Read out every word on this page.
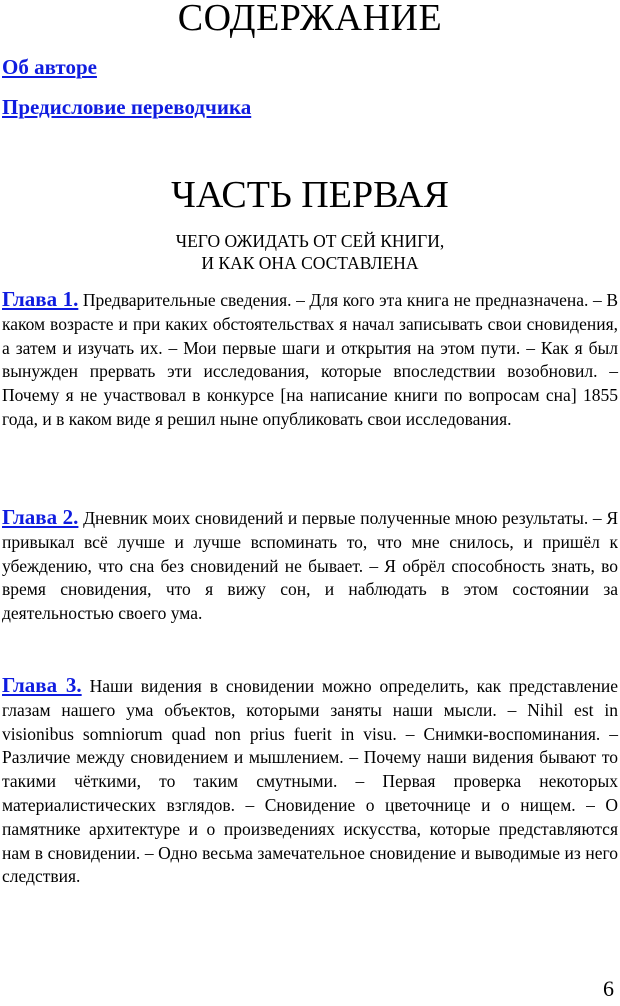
СОДЕРЖАНИЕ
Об авторе
Предисловие переводчика
ЧАСТЬ ПЕРВАЯ
ЧЕГО ОЖИДАТЬ ОТ СЕЙ КНИГИ,
И КАК ОНА СОСТАВЛЕНА
Глава 1. Предварительные сведения. – Для кого эта книга не предназначена. – В каком возрасте и при каких обстоятельствах я начал записывать свои сновидения, а затем и изучать их. – Мои первые шаги и открытия на этом пути. – Как я был вынужден прервать эти исследования, которые впоследствии возобновил. – Почему я не участвовал в конкурсе [на написание книги по вопросам сна] 1855 года, и в каком виде я решил ныне опубликовать свои исследования.
Глава 2. Дневник моих сновидений и первые полученные мною результаты. – Я привыкал всё лучше и лучше вспоминать то, что мне снилось, и пришёл к убеждению, что сна без сновидений не бывает. – Я обрёл способность знать, во время сновидения, что я вижу сон, и наблюдать в этом состоянии за деятельностью своего ума.
Глава 3. Наши видения в сновидении можно определить, как представление глазам нашего ума объектов, которыми заняты наши мысли. – Nihil est in visionibus somniorum quad non prius fuerit in visu. – Снимки-воспоминания. – Различие между сновидением и мышлением. – Почему наши видения бывают то такими чёткими, то таким смутными. – Первая проверка некоторых материалистических взглядов. – Сновидение о цветочнице и о нищем. – О памятнике архитектуре и о произведениях искусства, которые представляются нам в сновидении. – Одно весьма замечательное сновидение и выводимые из него следствия.
6
